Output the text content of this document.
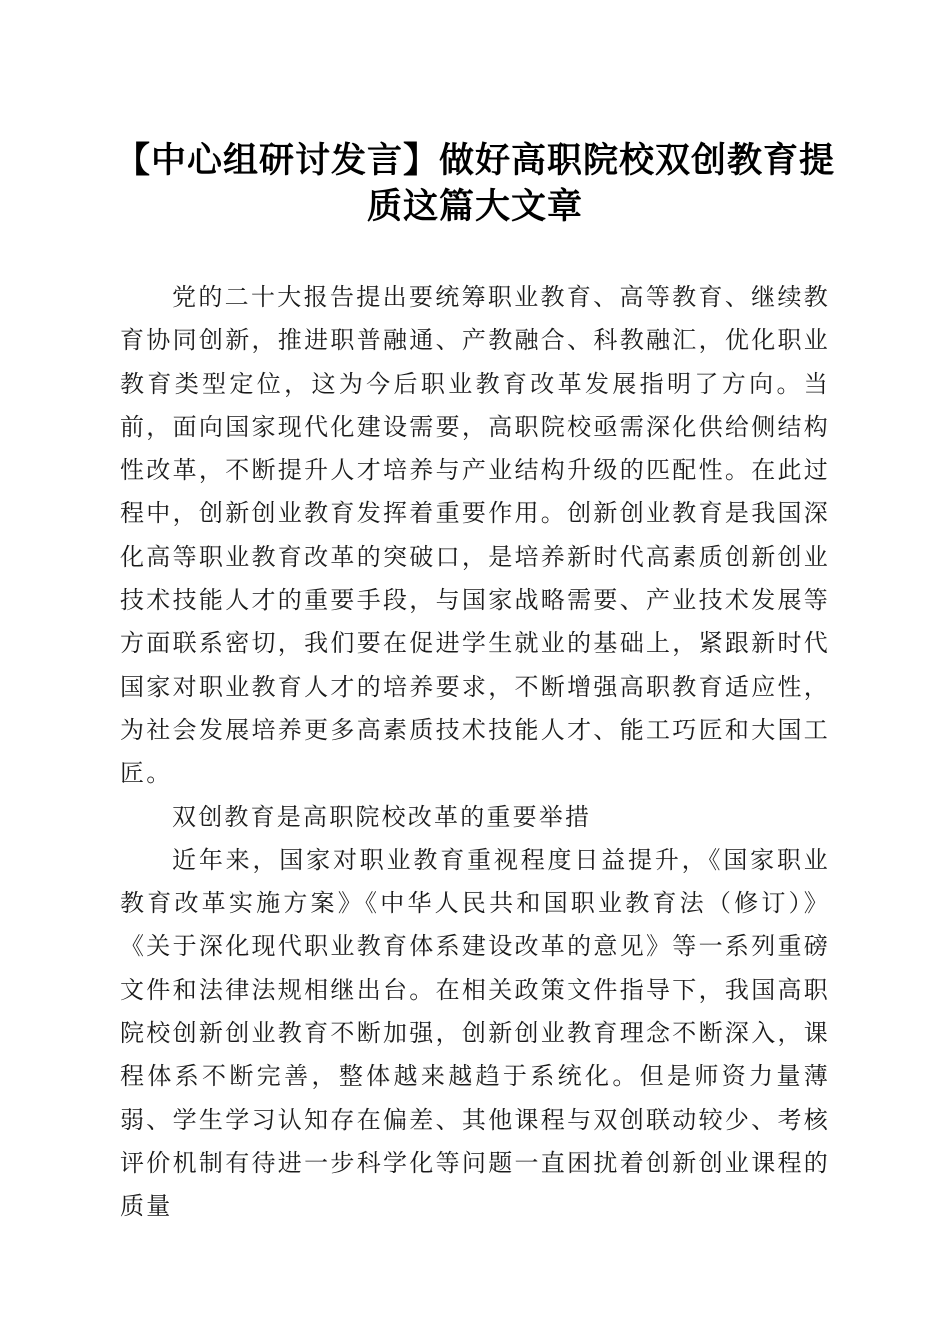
【中心组研讨发言】做好高职院校双创教育提
质这篇大文章

党的二十大报告提出要统筹职业教育、高等教育、继续教育协同创新，推进职普融通、产教融合、科教融汇，优化职业教育类型定位，这为今后职业教育改革发展指明了方向。当前，面向国家现代化建设需要，高职院校亟需深化供给侧结构性改革，不断提升人才培养与产业结构升级的匹配性。在此过程中，创新创业教育发挥着重要作用。创新创业教育是我国深化高等职业教育改革的突破口，是培养新时代高素质创新创业技术技能人才的重要手段，与国家战略需要、产业技术发展等方面联系密切，我们要在促进学生就业的基础上，紧跟新时代国家对职业教育人才的培养要求，不断增强高职教育适应性，为社会发展培养更多高素质技术技能人才、能工巧匠和大国工匠。

双创教育是高职院校改革的重要举措

近年来，国家对职业教育重视程度日益提升，《国家职业教育改革实施方案》《中华人民共和国职业教育法（修订）》《关于深化现代职业教育体系建设改革的意见》等一系列重磅文件和法律法规相继出台。在相关政策文件指导下，我国高职院校创新创业教育不断加强，创新创业教育理念不断深入，课程体系不断完善，整体越来越趋于系统化。但是师资力量薄弱、学生学习认知存在偏差、其他课程与双创联动较少、考核评价机制有待进一步科学化等问题一直困扰着创新创业课程的质量
